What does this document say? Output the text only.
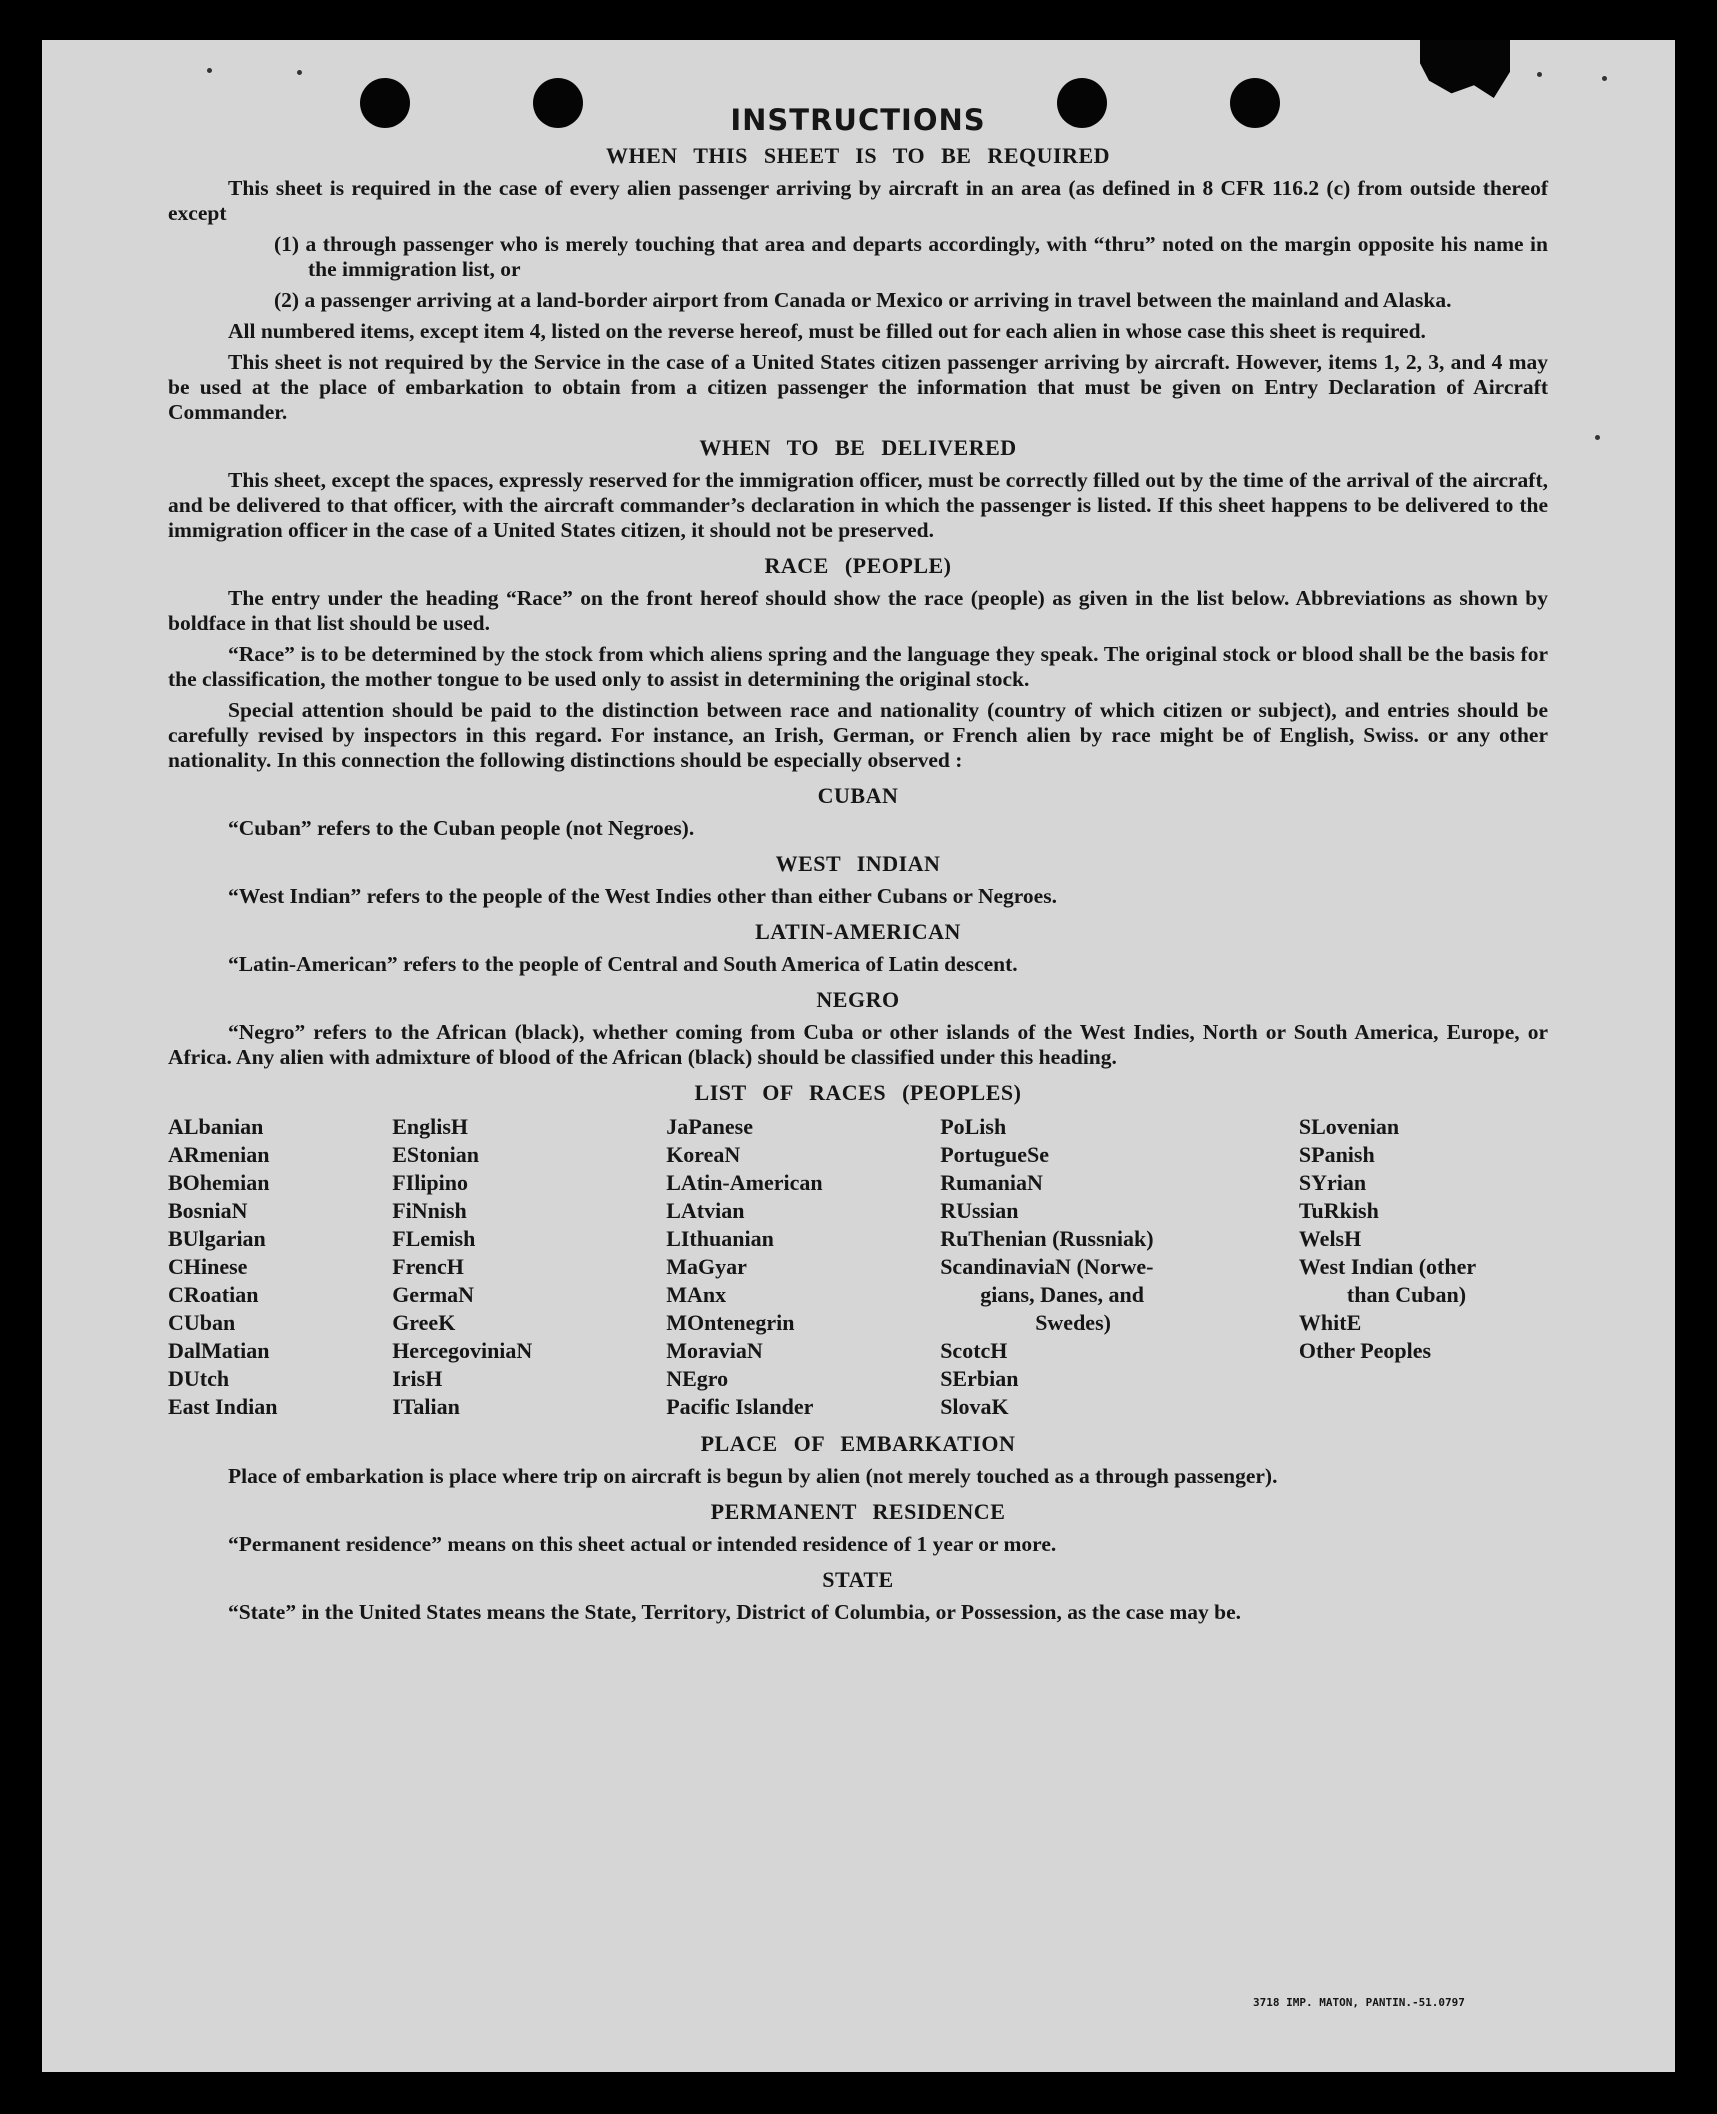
INSTRUCTIONS
WHEN THIS SHEET IS TO BE REQUIRED

This sheet is required in the case of every alien passenger arriving by aircraft in an area (as defined in 8 CFR 116.2 (c) from outside thereof except

(1) a through passenger who is merely touching that area and departs accordingly, with “thru” noted on the margin opposite his name in the immigration list, or

(2) a passenger arriving at a land-border airport from Canada or Mexico or arriving in travel between the mainland and Alaska.

All numbered items, except item 4, listed on the reverse hereof, must be filled out for each alien in whose case this sheet is required.

This sheet is not required by the Service in the case of a United States citizen passenger arriving by aircraft. However, items 1, 2, 3, and 4 may be used at the place of embarkation to obtain from a citizen passenger the information that must be given on Entry Declaration of Aircraft Commander.

WHEN TO BE DELIVERED

This sheet, except the spaces, expressly reserved for the immigration officer, must be correctly filled out by the time of the arrival of the aircraft, and be delivered to that officer, with the aircraft commander’s declaration in which the passenger is listed. If this sheet happens to be delivered to the immigration officer in the case of a United States citizen, it should not be preserved.

RACE (PEOPLE)

The entry under the heading “Race” on the front hereof should show the race (people) as given in the list below. Abbreviations as shown by boldface in that list should be used.

“Race” is to be determined by the stock from which aliens spring and the language they speak. The original stock or blood shall be the basis for the classification, the mother tongue to be used only to assist in determining the original stock.

Special attention should be paid to the distinction between race and nationality (country of which citizen or subject), and entries should be carefully revised by inspectors in this regard. For instance, an Irish, German, or French alien by race might be of English, Swiss. or any other nationality. In this connection the following distinctions should be especially observed :

CUBAN

“Cuban” refers to the Cuban people (not Negroes).

WEST INDIAN

“West Indian” refers to the people of the West Indies other than either Cubans or Negroes.

LATIN-AMERICAN

“Latin-American” refers to the people of Central and South America of Latin descent.

NEGRO

“Negro” refers to the African (black), whether coming from Cuba or other islands of the West Indies, North or South America, Europe, or Africa. Any alien with admixture of blood of the African (black) should be classified under this heading.

LIST OF RACES (PEOPLES)
ALbanian
ARmenian
BOhemian
BosniaN
BUlgarian
CHinese
CRoatian
CUban
DalMatian
DUtch
East Indian
EnglisH
EStonian
FIlipino
FiNnish
FLemish
FrencH
GermaN
GreeK
HercegoviniaN
IrisH
ITalian
JaPanese
KoreaN
LAtin-American
LAtvian
LIthuanian
MaGyar
MAnx
MOntenegrin
MoraviaN
NEgro
Pacific Islander
PoLish
PortugueSe
RumaniaN
RUssian
RuThenian (Russniak)
ScandinaviaN (Norwe-
gians, Danes, and
Swedes)
ScotcH
SErbian
SlovaK
SLovenian
SPanish
SYrian
TuRkish
WelsH
West Indian (other
than Cuban)
WhitE
Other Peoples
PLACE OF EMBARKATION

Place of embarkation is place where trip on aircraft is begun by alien (not merely touched as a through passenger).

PERMANENT RESIDENCE

“Permanent residence” means on this sheet actual or intended residence of 1 year or more.

STATE

“State” in the United States means the State, Territory, District of Columbia, or Possession, as the case may be.

3718 IMP. MATON, PANTIN.-51.0797
